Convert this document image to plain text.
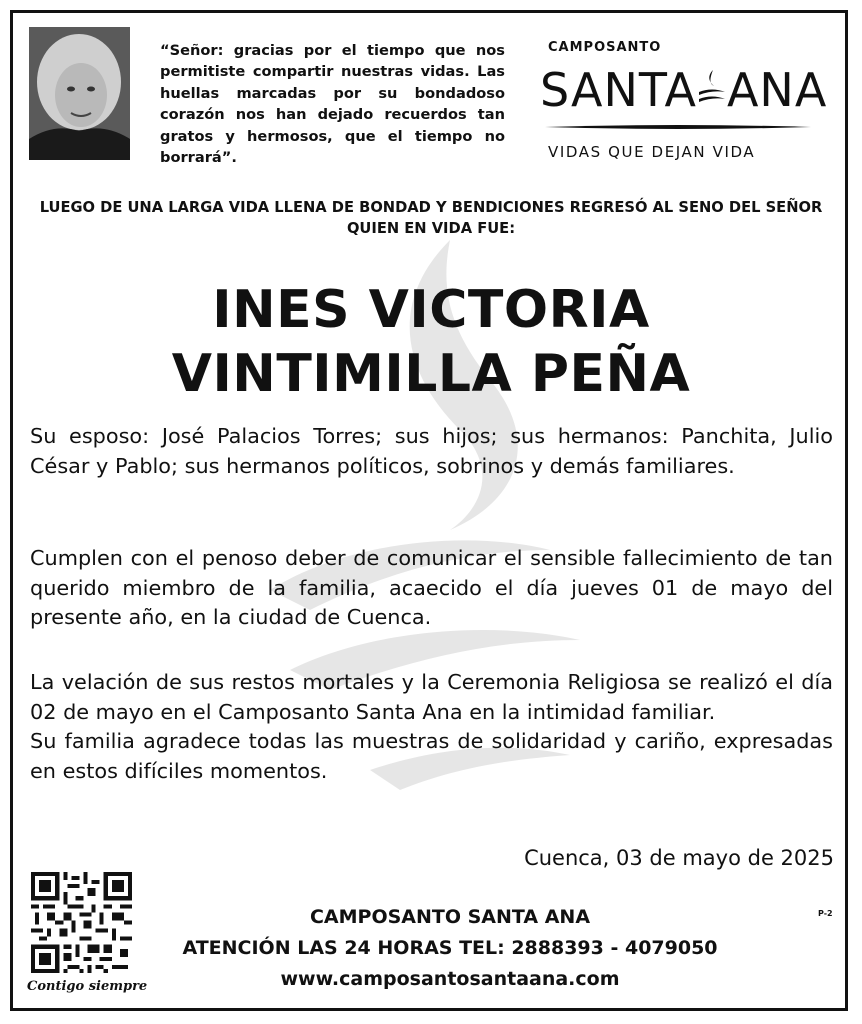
“Señor: gracias por el tiempo que nos permitiste compartir nuestras vidas. Las huellas marcadas por su bondadoso corazón nos han dejado recuerdos tan gratos y hermosos, que el tiempo no borrará”.
CAMPOSANTO
SANTA ANA
VIDAS QUE DEJAN VIDA
LUEGO DE UNA LARGA VIDA LLENA DE BONDAD Y BENDICIONES REGRESÓ AL SENO DEL SEÑOR QUIEN EN VIDA FUE:
INES VICTORIA
VINTIMILLA PEÑA

Su esposo: José Palacios Torres; sus hijos; sus hermanos: Panchita, Julio César y Pablo; sus hermanos políticos, sobrinos y demás familiares.

Cumplen con el penoso deber de comunicar el sensible fallecimiento de tan querido miembro de la familia, acaecido el día jueves 01 de mayo del presente año, en la ciudad de Cuenca.

La velación de sus restos mortales y la Ceremonia Religiosa se realizó el día 02 de mayo en el Camposanto Santa Ana en la intimidad familiar.

Su familia agradece todas las muestras de solidaridad y cariño, expresadas en estos difíciles momentos.

Cuenca, 03 de mayo de 2025
Contigo siempre
CAMPOSANTO SANTA ANA
ATENCIÓN LAS 24 HORAS TEL: 2888393 - 4079050
www.camposantosantaana.com
P-2
